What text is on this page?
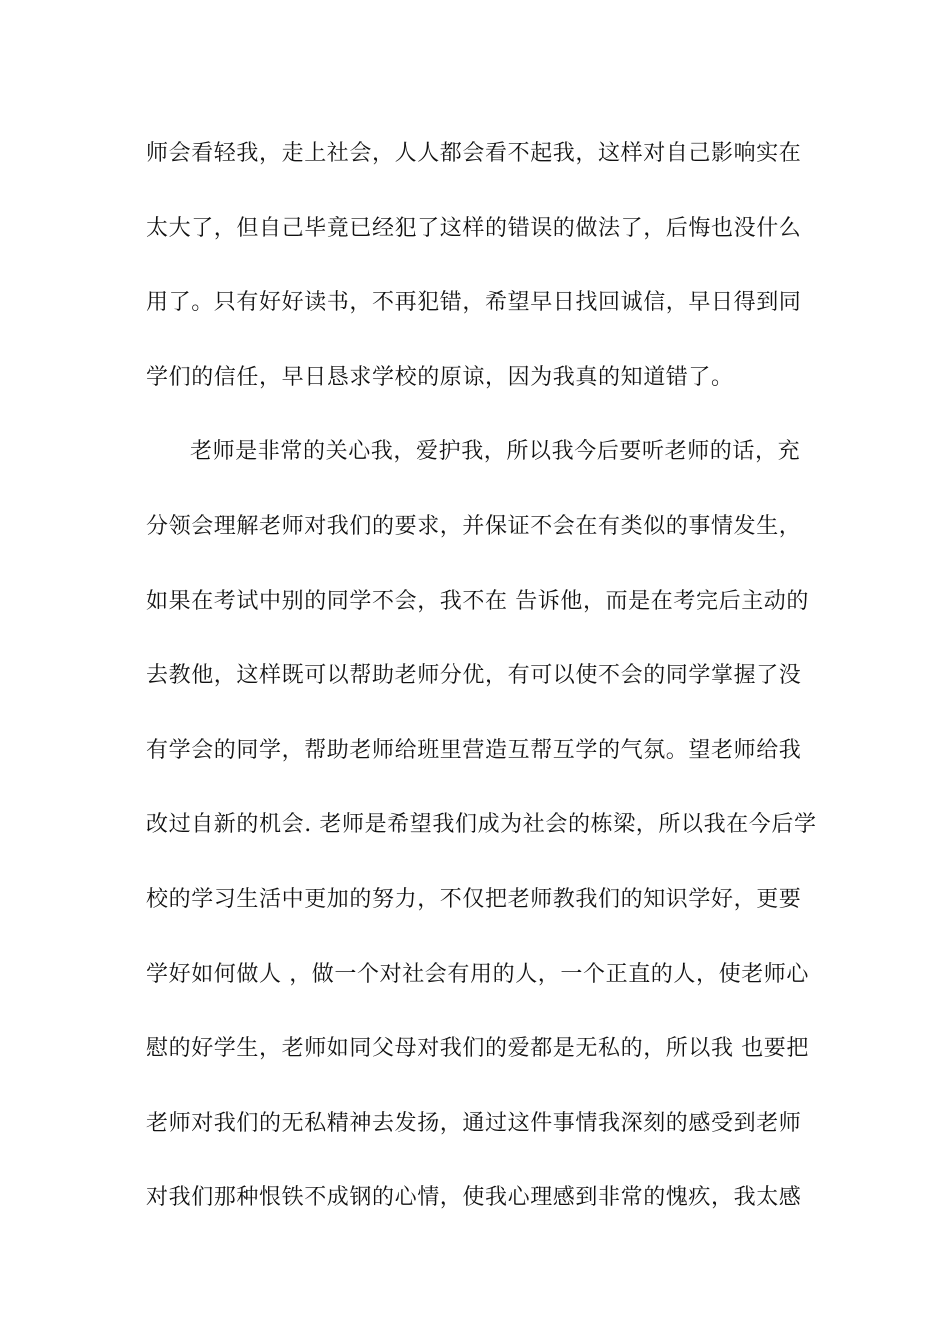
师会看轻我，走上社会，人人都会看不起我，这样对自己影响实在
太大了，但自己毕竟已经犯了这样的错误的做法了，后悔也没什么
用了。只有好好读书，不再犯错，希望早日找回诚信，早日得到同
学们的信任，早日恳求学校的原谅，因为我真的知道错了。
老师是非常的关心我，爱护我，所以我今后要听老师的话，充
分领会理解老师对我们的要求，并保证不会在有类似的事情发生，
如果在考试中别的同学不会，我不在 告诉他，而是在考完后主动的
去教他，这样既可以帮助老师分优，有可以使不会的同学掌握了没
有学会的同学，帮助老师给班里营造互帮互学的气氛。望老师给我
改过自新的机会. 老师是希望我们成为社会的栋梁，所以我在今后学
校的学习生活中更加的努力，不仅把老师教我们的知识学好，更要
学好如何做人 ，做一个对社会有用的人，一个正直的人，使老师心
慰的好学生，老师如同父母对我们的爱都是无私的，所以我 也要把
老师对我们的无私精神去发扬，通过这件事情我深刻的感受到老师
对我们那种恨铁不成钢的心情，使我心理感到非常的愧疚，我太感
